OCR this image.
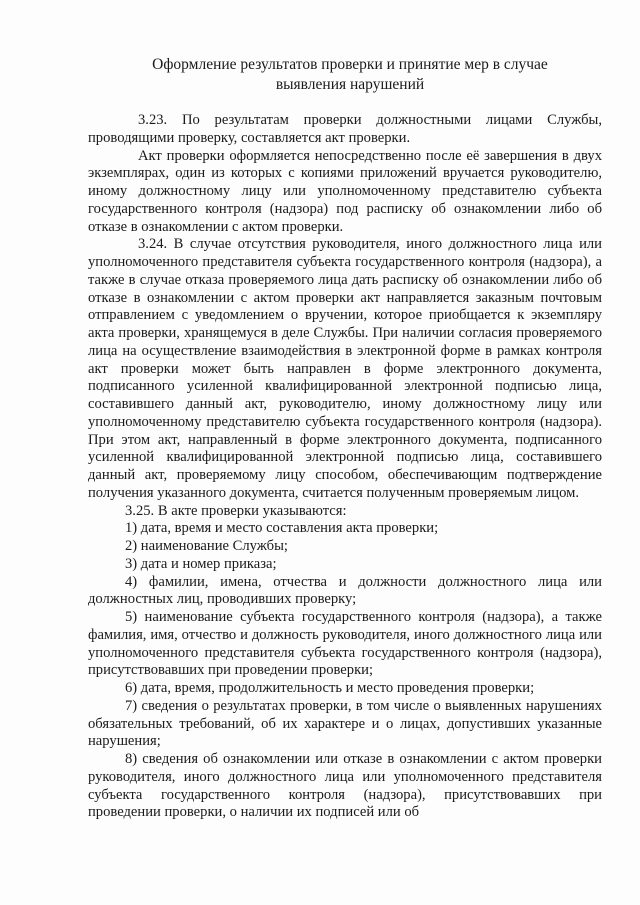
Оформление результатов проверки и принятие мер в случае
выявления нарушений

3.23. По результатам проверки должностными лицами Службы, проводящими проверку, составляется акт проверки.

Акт проверки оформляется непосредственно после её завершения в двух экземплярах, один из которых с копиями приложений вручается руководителю, иному должностному лицу или уполномоченному представителю субъекта государственного контроля (надзора) под расписку об ознакомлении либо об отказе в ознакомлении с актом проверки.

3.24. В случае отсутствия руководителя, иного должностного лица или уполномоченного представителя субъекта государственного контроля (надзора), а также в случае отказа проверяемого лица дать расписку об ознакомлении либо об отказе в ознакомлении с актом проверки акт направляется заказным почтовым отправлением с уведомлением о вручении, которое приобщается к экземпляру акта проверки, хранящемуся в деле Службы. При наличии согласия проверяемого лица на осуществление взаимодействия в электронной форме в рамках контроля акт проверки может быть направлен в форме электронного документа, подписанного усиленной квалифицированной электронной подписью лица, составившего данный акт, руководителю, иному должностному лицу или уполномоченному представителю субъекта государственного контроля (надзора). При этом акт, направленный в форме электронного документа, подписанного усиленной квалифицированной электронной подписью лица, составившего данный акт, проверяемому лицу способом, обеспечивающим подтверждение получения указанного документа, считается полученным проверяемым лицом.

3.25. В акте проверки указываются:

1) дата, время и место составления акта проверки;

2) наименование Службы;

3) дата и номер приказа;

4) фамилии, имена, отчества и должности должностного лица или должностных лиц, проводивших проверку;

5) наименование субъекта государственного контроля (надзора), а также фамилия, имя, отчество и должность руководителя, иного должностного лица или уполномоченного представителя субъекта государственного контроля (надзора), присутствовавших при проведении проверки;

6) дата, время, продолжительность и место проведения проверки;

7) сведения о результатах проверки, в том числе о выявленных нарушениях обязательных требований, об их характере и о лицах, допустивших указанные нарушения;

8) сведения об ознакомлении или отказе в ознакомлении с актом проверки руководителя, иного должностного лица или уполномоченного представителя субъекта государственного контроля (надзора), присутствовавших при проведении проверки, о наличии их подписей или об
